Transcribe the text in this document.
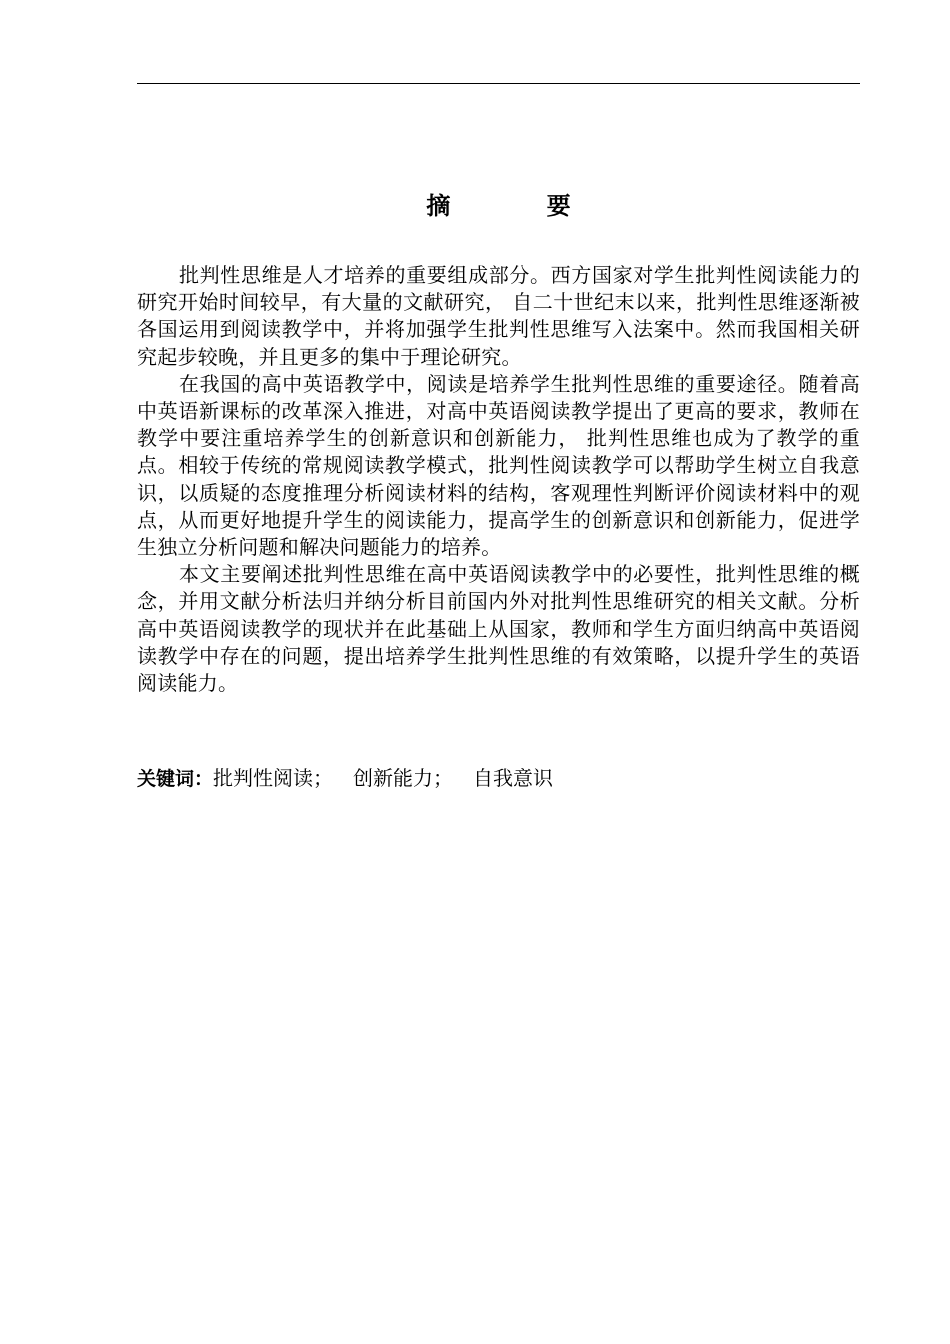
摘 要

批判性思维是人才培养的重要组成部分。西方国家对学生批判性阅读能力的研究开始时间较早，有大量的文献研究， 自二十世纪末以来，批判性思维逐渐被各国运用到阅读教学中，并将加强学生批判性思维写入法案中。然而我国相关研究起步较晚，并且更多的集中于理论研究。

在我国的高中英语教学中，阅读是培养学生批判性思维的重要途径。随着高中英语新课标的改革深入推进，对高中英语阅读教学提出了更高的要求，教师在教学中要注重培养学生的创新意识和创新能力， 批判性思维也成为了教学的重点。相较于传统的常规阅读教学模式，批判性阅读教学可以帮助学生树立自我意识，以质疑的态度推理分析阅读材料的结构，客观理性判断评价阅读材料中的观点，从而更好地提升学生的阅读能力，提高学生的创新意识和创新能力，促进学生独立分析问题和解决问题能力的培养。

本文主要阐述批判性思维在高中英语阅读教学中的必要性，批判性思维的概念，并用文献分析法归并纳分析目前国内外对批判性思维研究的相关文献。分析高中英语阅读教学的现状并在此基础上从国家，教师和学生方面归纳高中英语阅读教学中存在的问题，提出培养学生批判性思维的有效策略，以提升学生的英语阅读能力。

关键词：批判性阅读； 创新能力； 自我意识
